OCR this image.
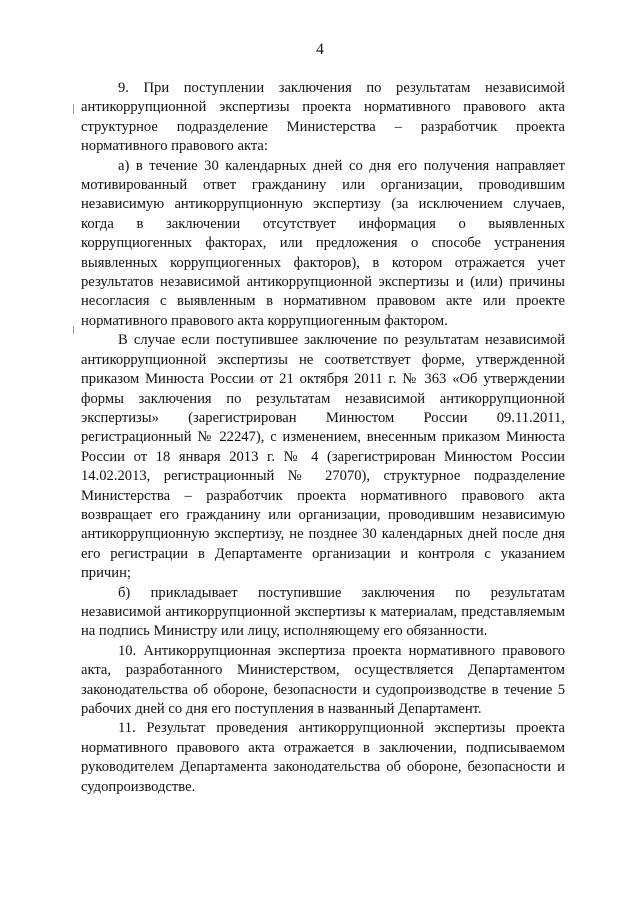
4

9. При поступлении заключения по результатам независимой антикоррупционной экспертизы проекта нормативного правового акта структурное подразделение Министерства – разработчик проекта нормативного правового акта:

а) в течение 30 календарных дней со дня его получения направляет мотивированный ответ гражданину или организации, проводившим независимую антикоррупционную экспертизу (за исключением случаев, когда в заключении отсутствует информация о выявленных коррупциогенных факторах, или предложения о способе устранения выявленных коррупциогенных факторов), в котором отражается учет результатов независимой антикоррупционной экспертизы и (или) причины несогласия с выявленным в нормативном правовом акте или проекте нормативного правового акта коррупциогенным фактором.

В случае если поступившее заключение по результатам независимой антикоррупционной экспертизы не соответствует форме, утвержденной приказом Минюста России от 21 октября 2011 г. № 363 «Об утверждении формы заключения по результатам независимой антикоррупционной экспертизы» (зарегистрирован Минюстом России 09.11.2011, регистрационный № 22247), с изменением, внесенным приказом Минюста России от 18 января 2013 г. № 4 (зарегистрирован Минюстом России 14.02.2013, регистрационный № 27070), структурное подразделение Министерства – разработчик проекта нормативного правового акта возвращает его гражданину или организации, проводившим независимую антикоррупционную экспертизу, не позднее 30 календарных дней после дня его регистрации в Департаменте организации и контроля с указанием причин;

б) прикладывает поступившие заключения по результатам независимой антикоррупционной экспертизы к материалам, представляемым на подпись Министру или лицу, исполняющему его обязанности.

10. Антикоррупционная экспертиза проекта нормативного правового акта, разработанного Министерством, осуществляется Департаментом законодательства об обороне, безопасности и судопроизводстве в течение 5 рабочих дней со дня его поступления в названный Департамент.

11. Результат проведения антикоррупционной экспертизы проекта нормативного правового акта отражается в заключении, подписываемом руководителем Департамента законодательства об обороне, безопасности и судопроизводстве.
